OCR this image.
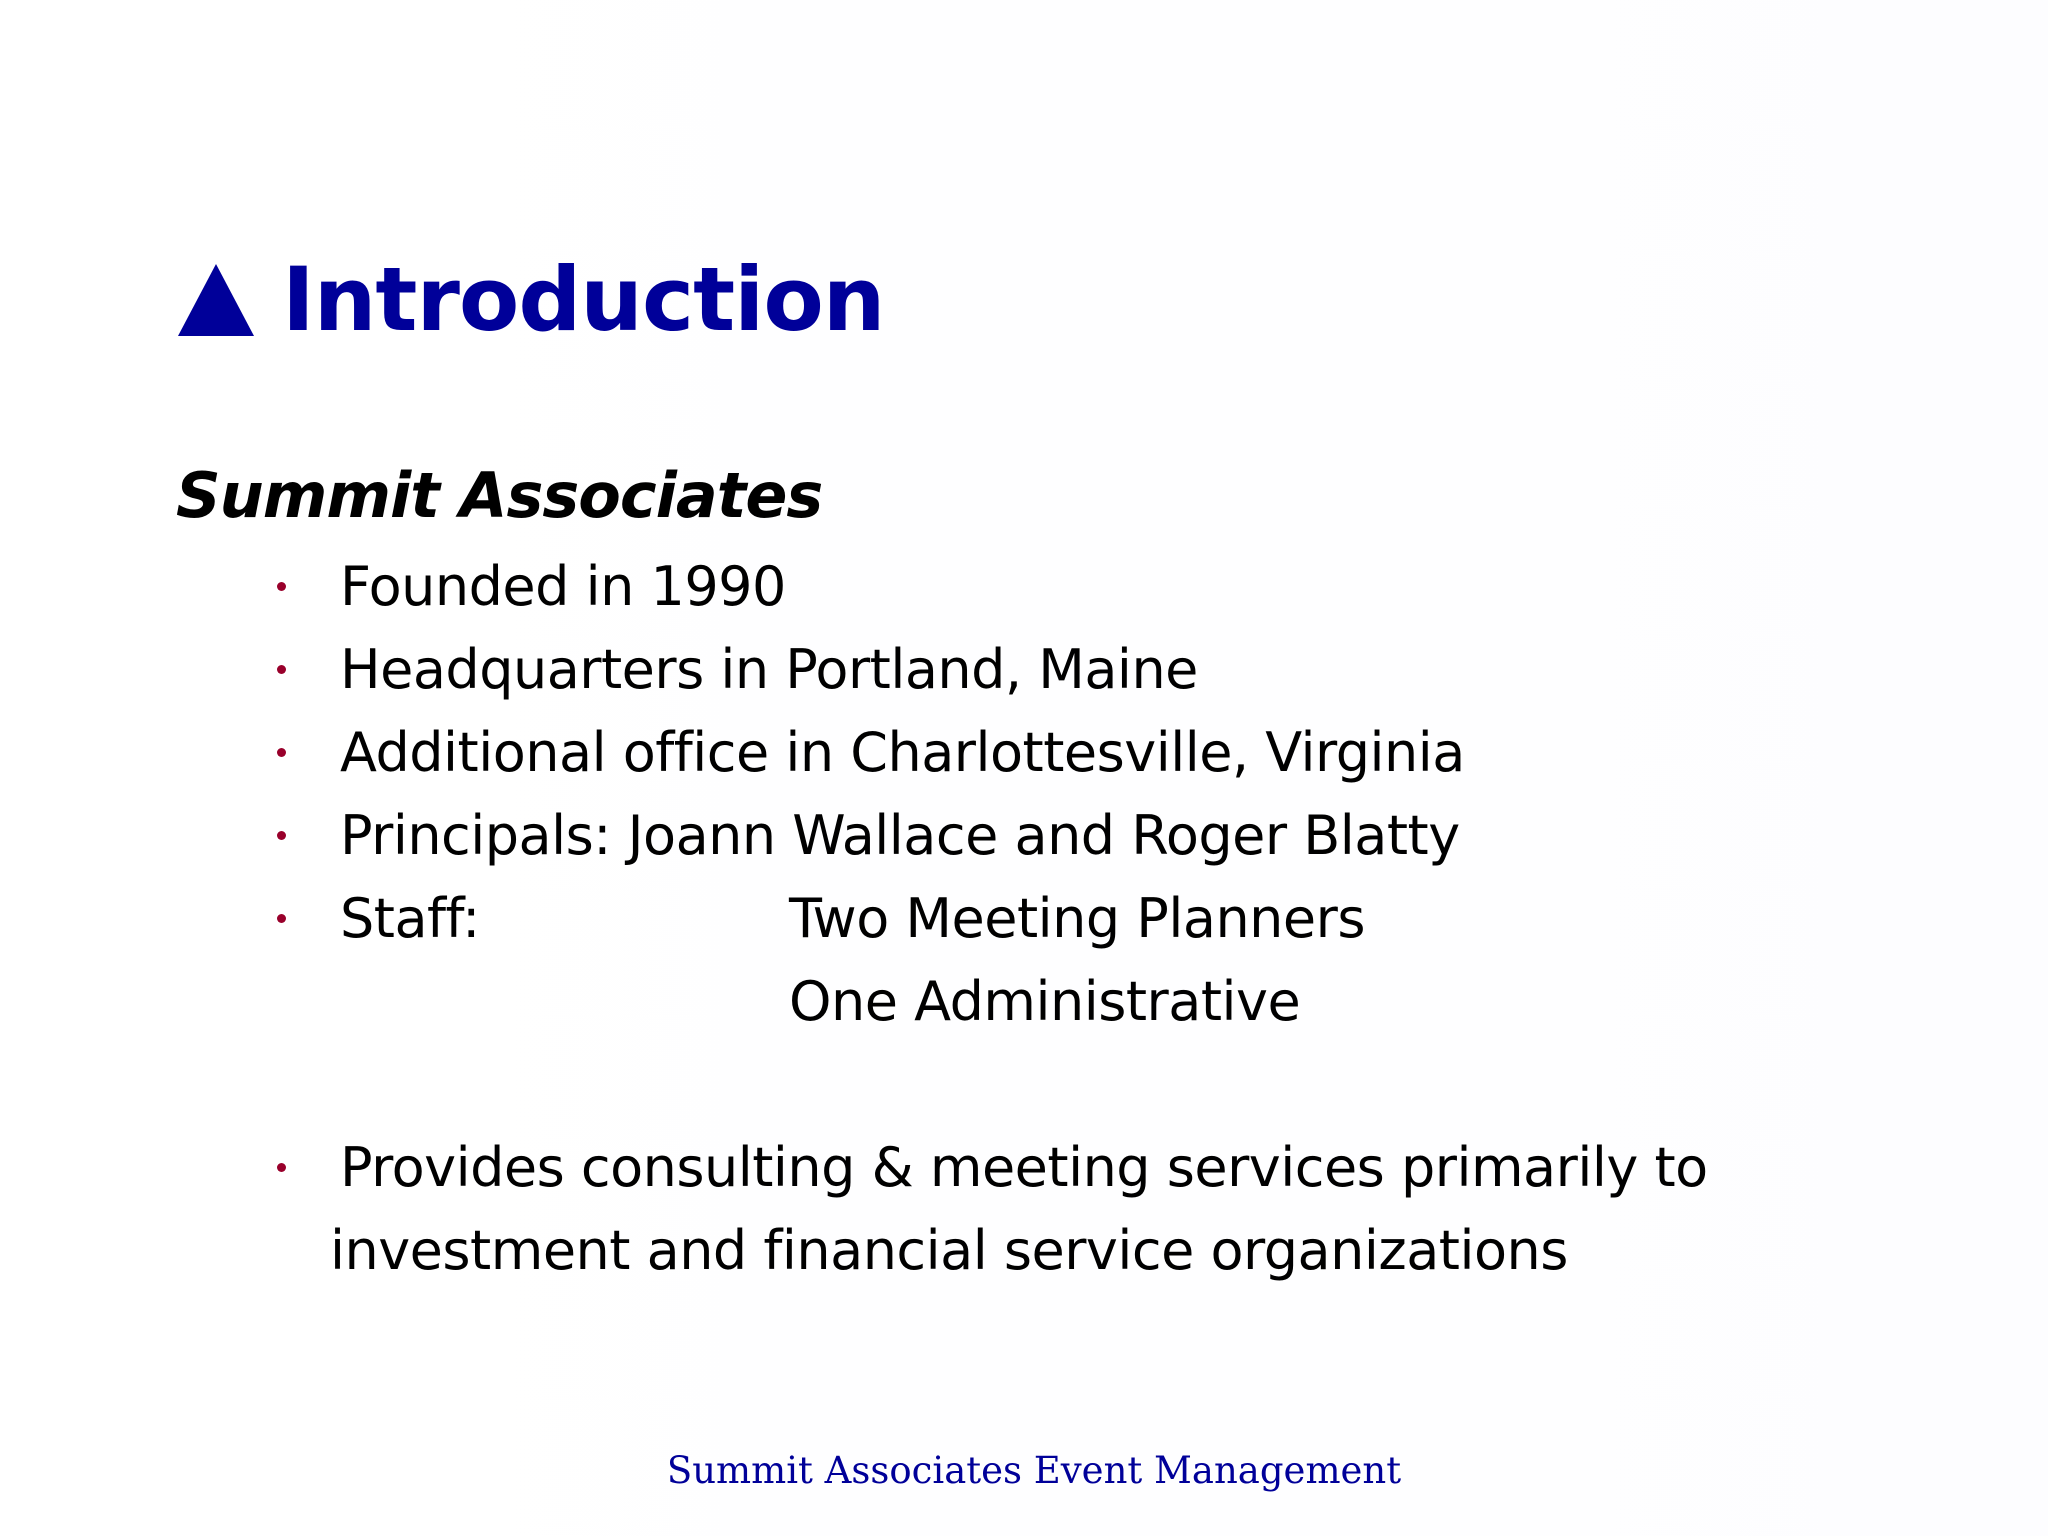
Introduction
Summit Associates
Founded in 1990
Headquarters in Portland, Maine
Additional office in Charlottesville, Virginia
Principals: Joann Wallace and Roger Blatty
Staff:	Two Meeting Planners
One Administrative
Provides consulting & meeting services primarily to
investment and financial service organizations
Summit Associates Event Management
